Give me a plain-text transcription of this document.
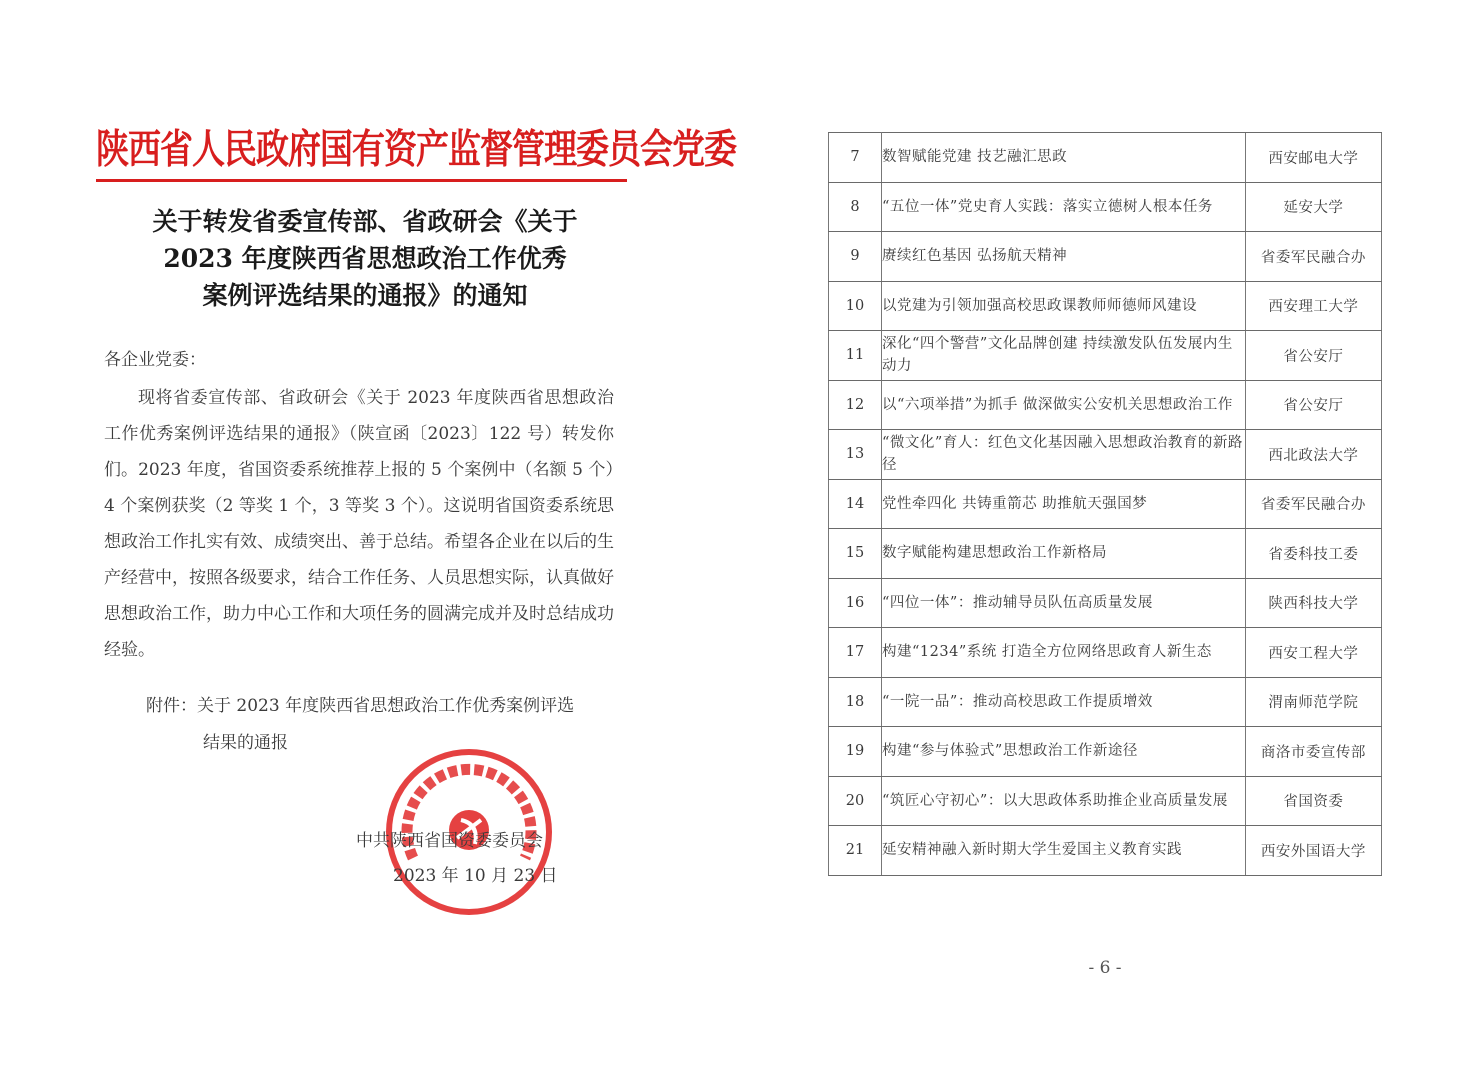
陕西省人民政府国有资产监督管理委员会党委
关于转发省委宣传部、省政研会《关于
2023 年度陕西省思想政治工作优秀
案例评选结果的通报》的通知
各企业党委：
现将省委宣传部、省政研会《关于 2023 年度陕西省思想政治工作优秀案例评选结果的通报》（陕宣函〔2023〕122 号）转发你们。2023 年度，省国资委系统推荐上报的 5 个案例中（名额 5 个）4 个案例获奖（2 等奖 1 个，3 等奖 3 个）。这说明省国资委系统思想政治工作扎实有效、成绩突出、善于总结。希望各企业在以后的生产经营中，按照各级要求，结合工作任务、人员思想实际，认真做好思想政治工作，助力中心工作和大项任务的圆满完成并及时总结成功经验。
附件：关于 2023 年度陕西省思想政治工作优秀案例评选
结果的通报
中共陕西省国资委委员会
2023 年 10 月 23 日
7	数智赋能党建 技艺融汇思政	西安邮电大学
8	“五位一体”党史育人实践：落实立德树人根本任务	延安大学
9	赓续红色基因 弘扬航天精神	省委军民融合办
10	以党建为引领加强高校思政课教师师德师风建设	西安理工大学
11	深化“四个警营”文化品牌创建 持续激发队伍发展内生动力	省公安厅
12	以“六项举措”为抓手 做深做实公安机关思想政治工作	省公安厅
13	“微文化”育人：红色文化基因融入思想政治教育的新路径	西北政法大学
14	党性牵四化 共铸重箭芯 助推航天强国梦	省委军民融合办
15	数字赋能构建思想政治工作新格局	省委科技工委
16	“四位一体”：推动辅导员队伍高质量发展	陕西科技大学
17	构建“1234”系统 打造全方位网络思政育人新生态	西安工程大学
18	“一院一品”：推动高校思政工作提质增效	渭南师范学院
19	构建“参与体验式”思想政治工作新途径	商洛市委宣传部
20	“筑匠心守初心”：以大思政体系助推企业高质量发展	省国资委
21	延安精神融入新时期大学生爱国主义教育实践	西安外国语大学
- 6 -
